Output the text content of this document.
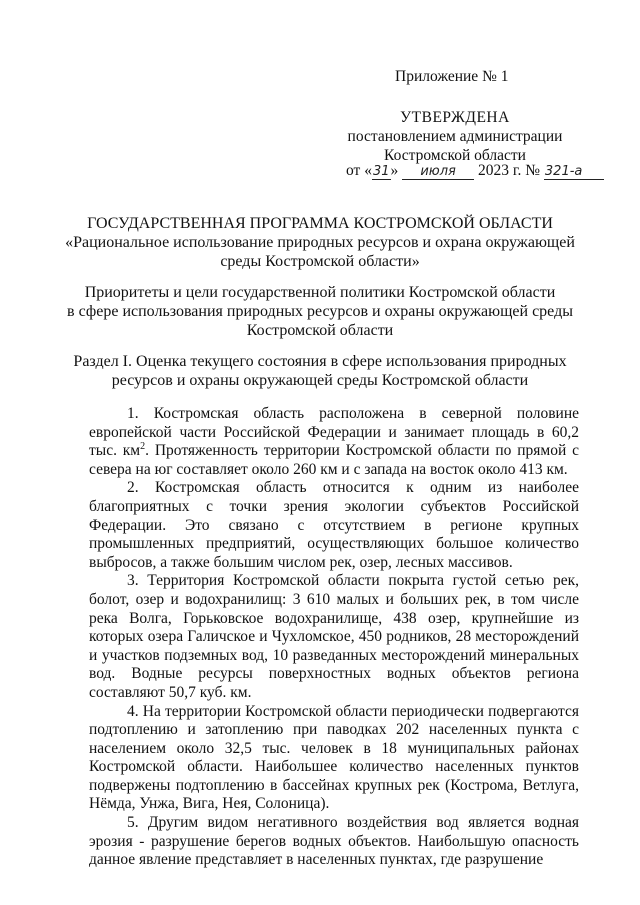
Приложение № 1
УТВЕРЖДЕНА
постановлением администрации
Костромской области
от «31» июля 2023 г. № 321-а
ГОСУДАРСТВЕННАЯ ПРОГРАММА КОСТРОМСКОЙ ОБЛАСТИ
«Рациональное использование природных ресурсов и охрана окружающей
среды Костромской области»
Приоритеты и цели государственной политики Костромской области
в сфере использования природных ресурсов и охраны окружающей среды
Костромской области
Раздел I. Оценка текущего состояния в сфере использования природных
ресурсов и охраны окружающей среды Костромской области

1. Костромская область расположена в северной половине европейской части Российской Федерации и занимает площадь в 60,2 тыс. $км^2$. Протяженность территории Костромской области по прямой с севера на юг составляет около 260 км и с запада на восток около 413 км.

2. Костромская область относится к одним из наиболее благоприятных с точки зрения экологии субъектов Российской Федерации. Это связано с отсутствием в регионе крупных промышленных предприятий, осуществляющих большое количество выбросов, а также большим числом рек, озер, лесных массивов.

3. Территория Костромской области покрыта густой сетью рек, болот, озер и водохранилищ: 3 610 малых и больших рек, в том числе река Волга, Горьковское водохранилище, 438 озер, крупнейшие из которых озера Галичское и Чухломское, 450 родников, 28 месторождений и участков подземных вод, 10 разведанных месторождений минеральных вод. Водные ресурсы поверхностных водных объектов региона составляют 50,7 куб. км.

4. На территории Костромской области периодически подвергаются подтоплению и затоплению при паводках 202 населенных пункта с населением около 32,5 тыс. человек в 18 муниципальных районах Костромской области. Наибольшее количество населенных пунктов подвержены подтоплению в бассейнах крупных рек (Кострома, Ветлуга, Нёмда, Унжа, Вига, Нея, Солоница).

5. Другим видом негативного воздействия вод является водная эрозия - разрушение берегов водных объектов. Наибольшую опасность данное явление представляет в населенных пунктах, где разрушение
